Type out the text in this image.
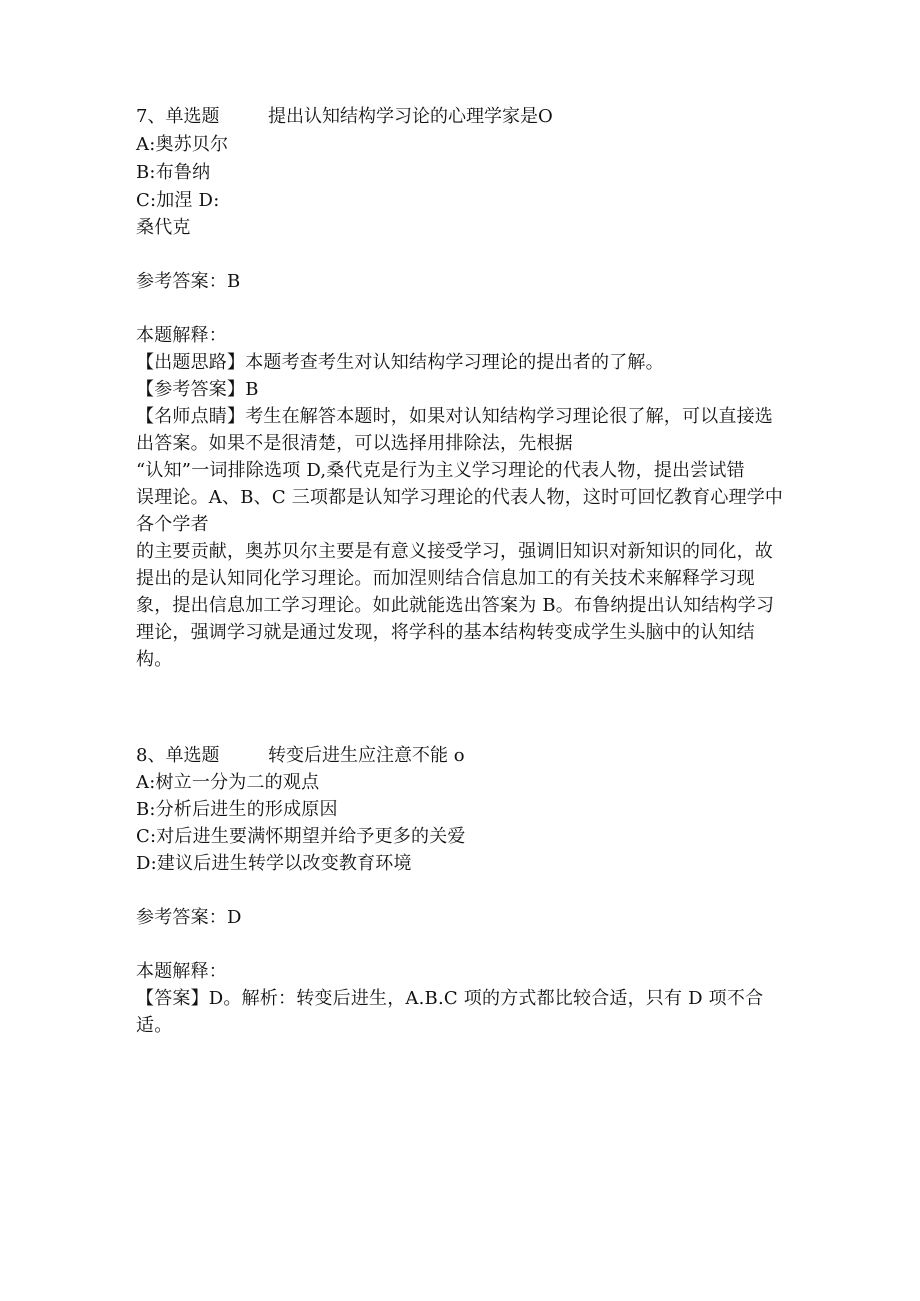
7、单选题	提出认知结构学习论的心理学家是O
A:奥苏贝尔
B:布鲁纳
C:加涅 D:
桑代克
参考答案：B
本题解释：
【出题思路】本题考查考生对认知结构学习理论的提出者的了解。
【参考答案】B
【名师点睛】考生在解答本题时，如果对认知结构学习理论很了解，可以直接选
出答案。如果不是很清楚，可以选择用排除法，先根据
“认知”一词排除选项 D,桑代克是行为主义学习理论的代表人物，提出尝试错
误理论。A、B、C 三项都是认知学习理论的代表人物，这时可回忆教育心理学中
各个学者
的主要贡献，奥苏贝尔主要是有意义接受学习，强调旧知识对新知识的同化，故
提出的是认知同化学习理论。而加涅则结合信息加工的有关技术来解释学习现
象，提出信息加工学习理论。如此就能选出答案为 B。布鲁纳提出认知结构学习
理论，强调学习就是通过发现，将学科的基本结构转变成学生头脑中的认知结
构。
8、单选题	转变后进生应注意不能 o
A:树立一分为二的观点
B:分析后进生的形成原因
C:对后进生要满怀期望并给予更多的关爱
D:建议后进生转学以改变教育环境
参考答案：D
本题解释：
【答案】D。解析：转变后进生，A.B.C 项的方式都比较合适，只有 D 项不合
适。
